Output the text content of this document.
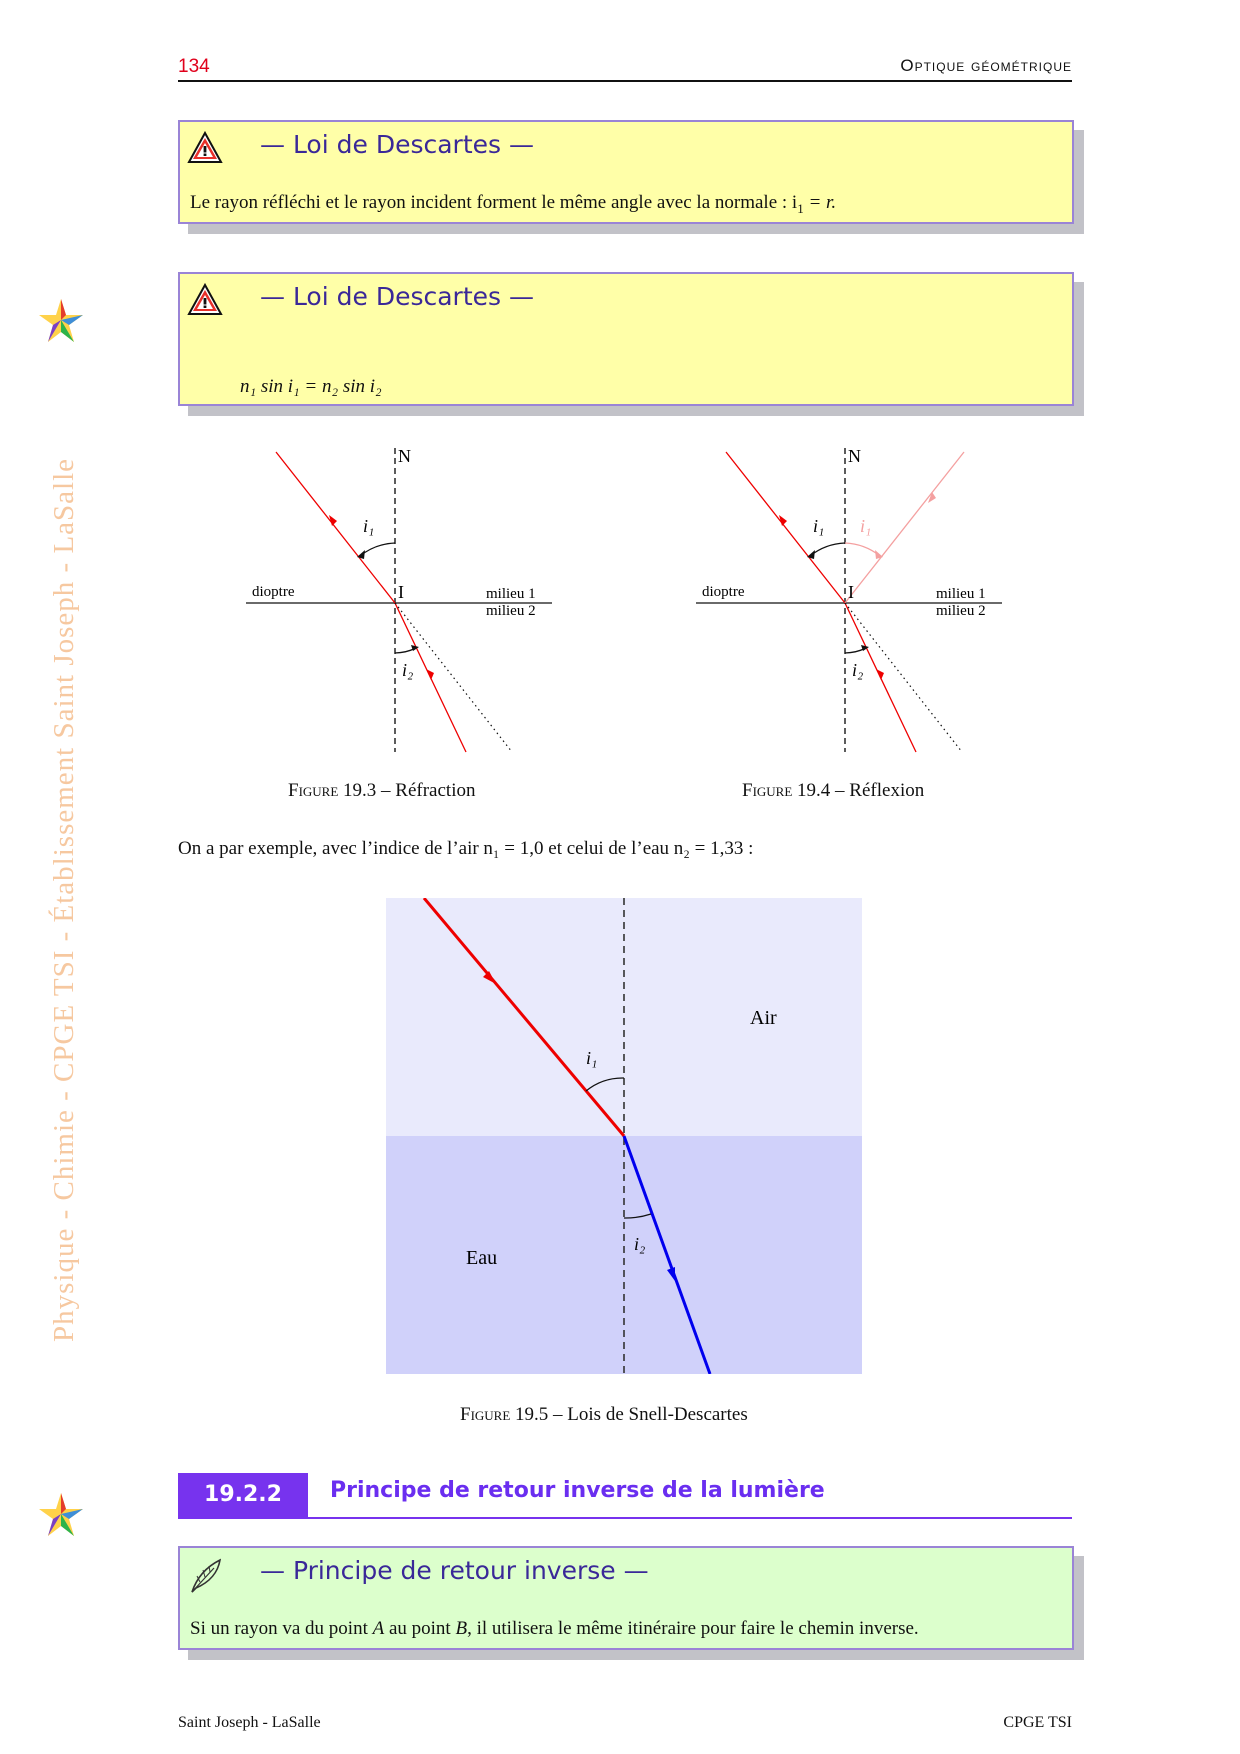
134	Optique géométrique
Physique - Chimie - CPGE TSI - Établissement Saint Joseph - LaSalle
— Loi de Descartes —
Le rayon réfléchi et le rayon incident forment le même angle avec la normale : $i_1 = r$.
— Loi de Descartes —
n₁ sin i₁ = n₂ sin i₂
N
I
dioptre	milieu 1
milieu 2
i₁
i₂
Figure 19.3 – Réfraction
N
I
dioptre	milieu 1
milieu 2
i₁ i₁
i₂
Figure 19.4 – Réflexion
On a par exemple, avec l’indice de l’air n₁ = 1,0 et celui de l’eau n₂ = 1,33 :
i₁
i₂
Air
Eau
Figure 19.5 – Lois de Snell-Descartes
19.2.2	Principe de retour inverse de la lumière
— Principe de retour inverse —
Si un rayon va du point A au point B, il utilisera le même itinéraire pour faire le chemin inverse.
Saint Joseph - LaSalle	CPGE TSI
